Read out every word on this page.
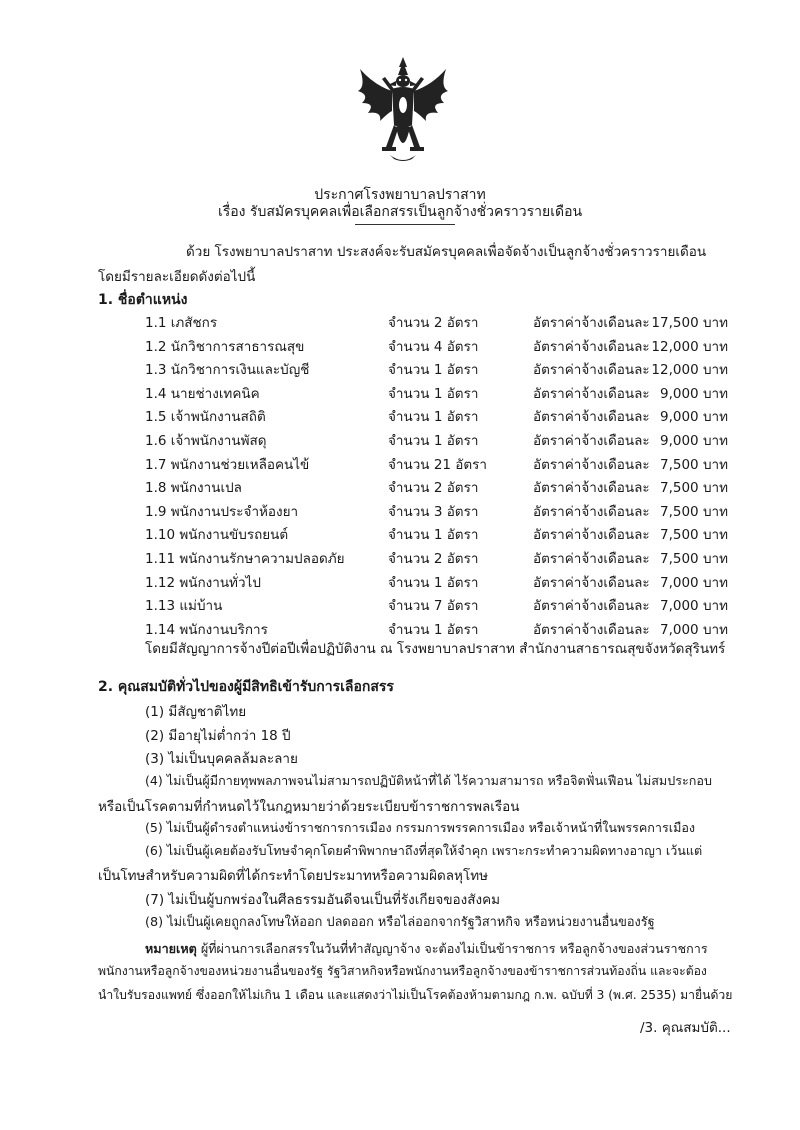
ประกาศโรงพยาบาลปราสาท
เรื่อง รับสมัครบุคคลเพื่อเลือกสรรเป็นลูกจ้างชั่วคราวรายเดือน
ด้วย โรงพยาบาลปราสาท ประสงค์จะรับสมัครบุคคลเพื่อจัดจ้างเป็นลูกจ้างชั่วคราวรายเดือน
โดยมีรายละเอียดดังต่อไปนี้
1. ชื่อตำแหน่ง
1.1 เภสัชกร	จำนวน 2 อัตรา	อัตราค่าจ้างเดือนละ 17,500 บาท
1.2 นักวิชาการสาธารณสุข	จำนวน 4 อัตรา	อัตราค่าจ้างเดือนละ 12,000 บาท
1.3 นักวิชาการเงินและบัญชี	จำนวน 1 อัตรา	อัตราค่าจ้างเดือนละ 12,000 บาท
1.4 นายช่างเทคนิค	จำนวน 1 อัตรา	อัตราค่าจ้างเดือนละ 9,000 บาท
1.5 เจ้าพนักงานสถิติ	จำนวน 1 อัตรา	อัตราค่าจ้างเดือนละ 9,000 บาท
1.6 เจ้าพนักงานพัสดุ	จำนวน 1 อัตรา	อัตราค่าจ้างเดือนละ 9,000 บาท
1.7 พนักงานช่วยเหลือคนไข้	จำนวน 21 อัตรา	อัตราค่าจ้างเดือนละ 7,500 บาท
1.8 พนักงานเปล	จำนวน 2 อัตรา	อัตราค่าจ้างเดือนละ 7,500 บาท
1.9 พนักงานประจำห้องยา	จำนวน 3 อัตรา	อัตราค่าจ้างเดือนละ 7,500 บาท
1.10 พนักงานขับรถยนต์	จำนวน 1 อัตรา	อัตราค่าจ้างเดือนละ 7,500 บาท
1.11 พนักงานรักษาความปลอดภัย	จำนวน 2 อัตรา	อัตราค่าจ้างเดือนละ 7,500 บาท
1.12 พนักงานทั่วไป	จำนวน 1 อัตรา	อัตราค่าจ้างเดือนละ 7,000 บาท
1.13 แม่บ้าน	จำนวน 7 อัตรา	อัตราค่าจ้างเดือนละ 7,000 บาท
1.14 พนักงานบริการ	จำนวน 1 อัตรา	อัตราค่าจ้างเดือนละ 7,000 บาท
โดยมีสัญญาการจ้างปีต่อปีเพื่อปฏิบัติงาน ณ โรงพยาบาลปราสาท สำนักงานสาธารณสุขจังหวัดสุรินทร์
2. คุณสมบัติทั่วไปของผู้มีสิทธิเข้ารับการเลือกสรร
(1) มีสัญชาติไทย
(2) มีอายุไม่ต่ำกว่า 18 ปี
(3) ไม่เป็นบุคคลล้มละลาย
(4) ไม่เป็นผู้มีกายทุพพลภาพจนไม่สามารถปฏิบัติหน้าที่ได้ ไร้ความสามารถ หรือจิตฟั่นเฟือน ไม่สมประกอบ
หรือเป็นโรคตามที่กำหนดไว้ในกฎหมายว่าด้วยระเบียบข้าราชการพลเรือน
(5) ไม่เป็นผู้ดำรงตำแหน่งข้าราชการการเมือง กรรมการพรรคการเมือง หรือเจ้าหน้าที่ในพรรคการเมือง
(6) ไม่เป็นผู้เคยต้องรับโทษจำคุกโดยคำพิพากษาถึงที่สุดให้จำคุก เพราะกระทำความผิดทางอาญา เว้นแต่
เป็นโทษสำหรับความผิดที่ได้กระทำโดยประมาทหรือความผิดลหุโทษ
(7) ไม่เป็นผู้บกพร่องในศีลธรรมอันดีจนเป็นที่รังเกียจของสังคม
(8) ไม่เป็นผู้เคยถูกลงโทษให้ออก ปลดออก หรือไล่ออกจากรัฐวิสาหกิจ หรือหน่วยงานอื่นของรัฐ
หมายเหตุ ผู้ที่ผ่านการเลือกสรรในวันที่ทำสัญญาจ้าง จะต้องไม่เป็นข้าราชการ หรือลูกจ้างของส่วนราชการ
พนักงานหรือลูกจ้างของหน่วยงานอื่นของรัฐ รัฐวิสาหกิจหรือพนักงานหรือลูกจ้างของข้าราชการส่วนท้องถิ่น และจะต้อง
นำใบรับรองแพทย์ ซึ่งออกให้ไม่เกิน 1 เดือน และแสดงว่าไม่เป็นโรคต้องห้ามตามกฎ ก.พ. ฉบับที่ 3 (พ.ศ. 2535) มายื่นด้วย
/3. คุณสมบัติ...
